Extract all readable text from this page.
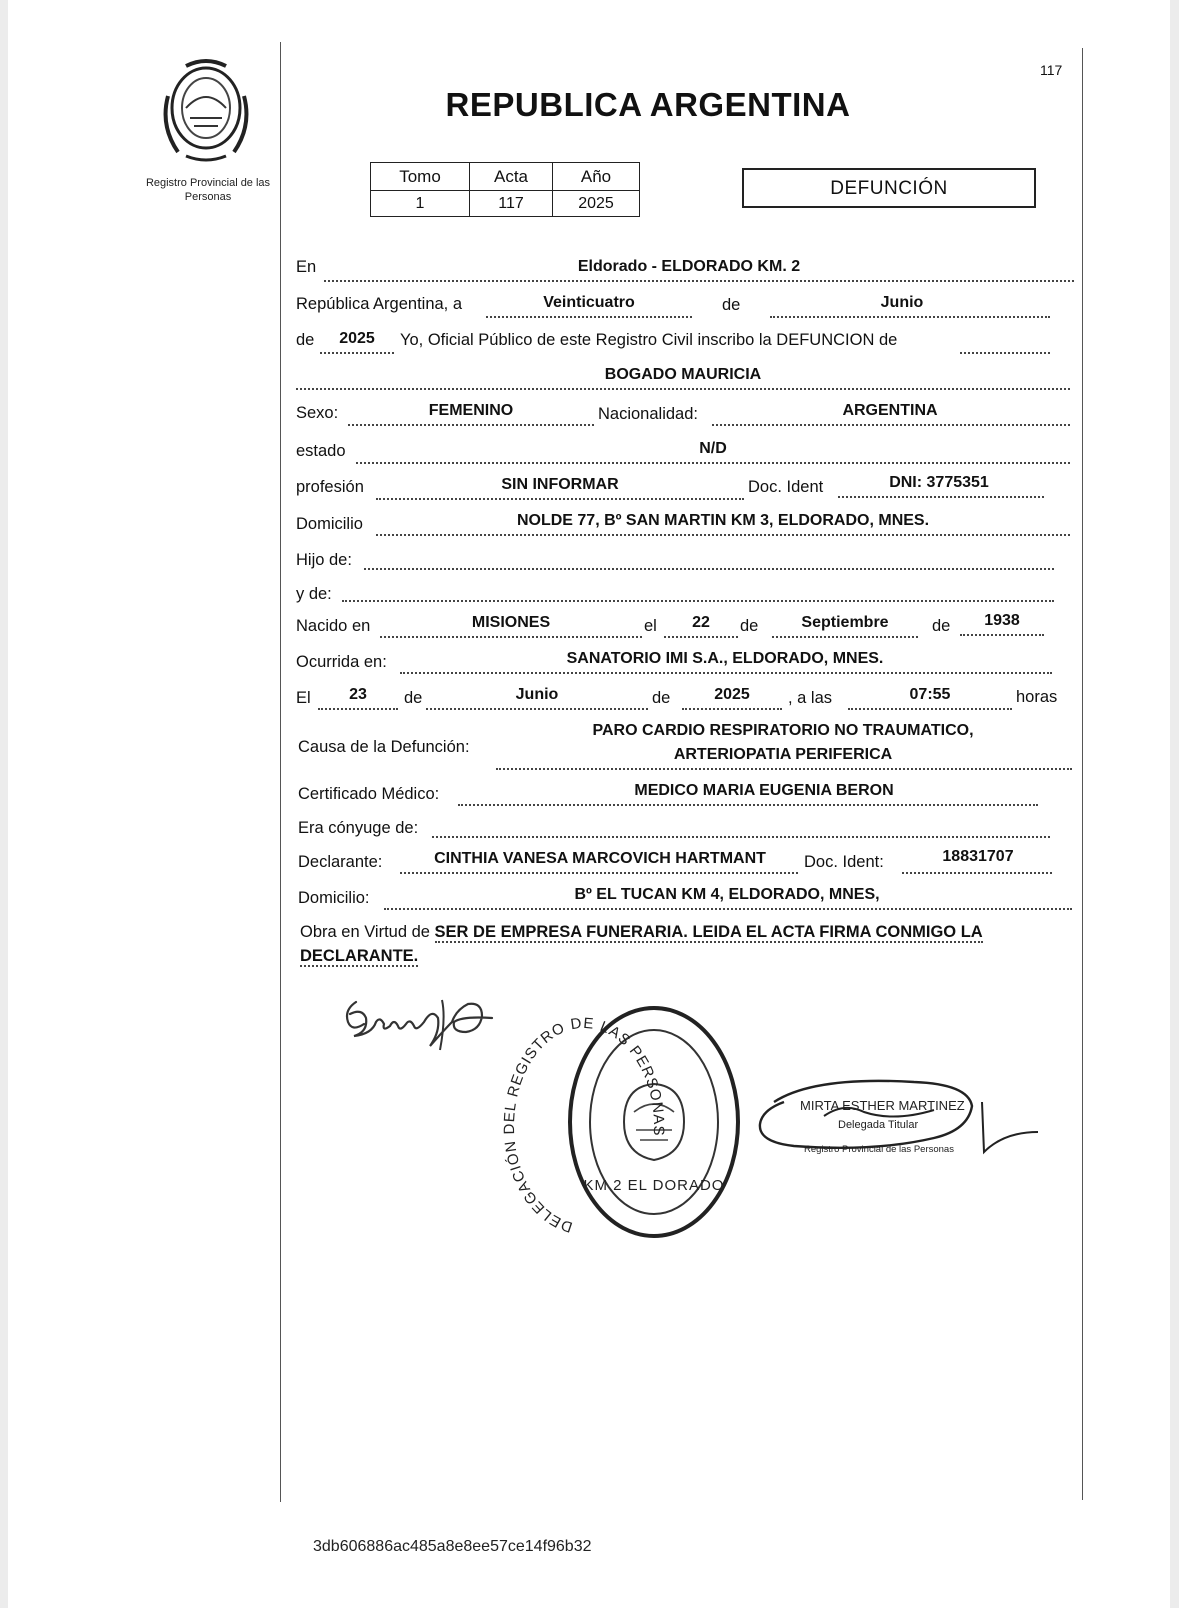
Registro Provincial de las Personas
117
REPUBLICA ARGENTINA
Tomo	Acta	Año
1	117	2025
DEFUNCIÓN
En	Eldorado - ELDORADO KM. 2
República Argentina, a	Veinticuatro	de	Junio
de	2025	Yo, Oficial Público de este Registro Civil inscribo la DEFUNCION de
BOGADO MAURICIA
Sexo:	FEMENINO	Nacionalidad:	ARGENTINA
estado	N/D
profesión	SIN INFORMAR	Doc. Ident	DNI: 3775351
Domicilio	NOLDE 77, Bº SAN MARTIN KM 3, ELDORADO, MNES.
Hijo de:
y de:
Nacido en	MISIONES	el	22	de	Septiembre	de	1938
Ocurrida en:	SANATORIO IMI S.A., ELDORADO, MNES.
El	23	de	Junio	de	2025	, a las	07:55	horas
Causa de la Defunción:
PARO CARDIO RESPIRATORIO NO TRAUMATICO,
ARTERIOPATIA PERIFERICA
Certificado Médico:	MEDICO MARIA EUGENIA BERON
Era cónyuge de:
Declarante:	CINTHIA VANESA MARCOVICH HARTMANT	Doc. Ident:	18831707
Domicilio:	Bº EL TUCAN KM 4, ELDORADO, MNES,
Obra en Virtud de SER DE EMPRESA FUNERARIA. LEIDA EL ACTA FIRMA CONMIGO LA DECLARANTE.
DELEGACIÓN DEL REGISTRO DE LAS PERSONAS
KM 2 EL DORADO
MIRTA ESTHER MARTINEZ
Delegada Titular
Registro Provincial de las Personas
3db606886ac485a8e8ee57ce14f96b32
